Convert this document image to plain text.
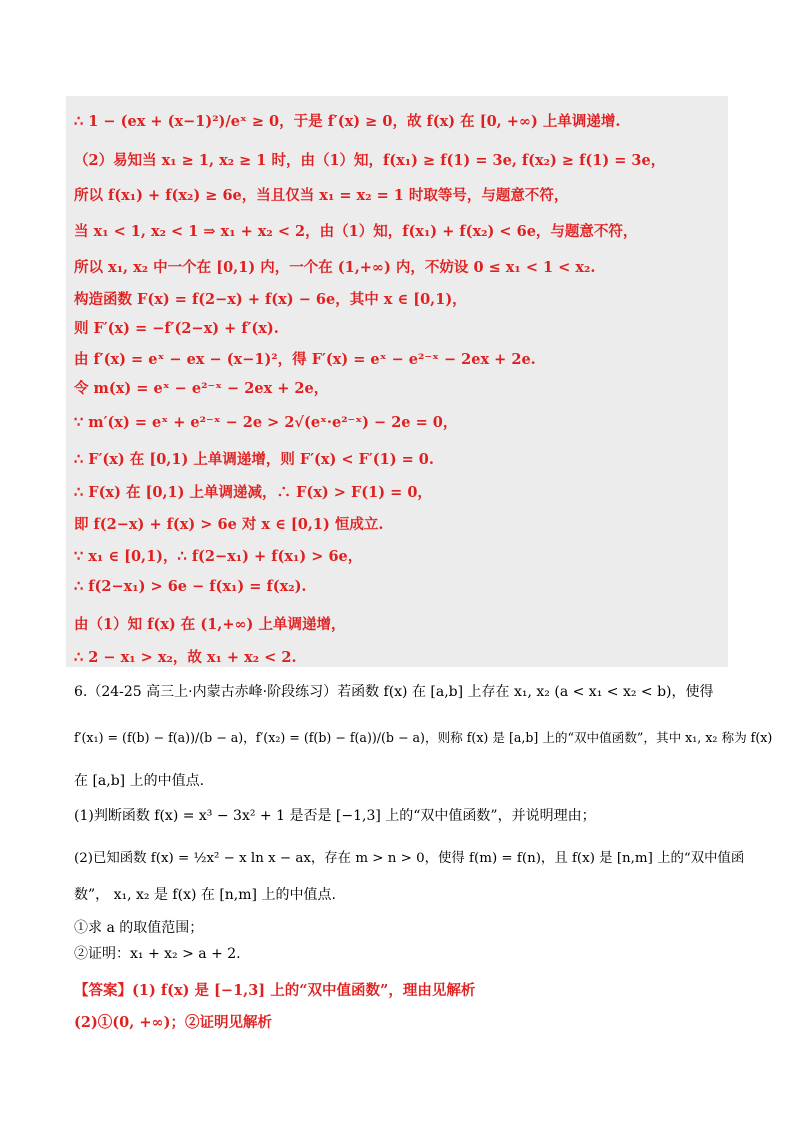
∴ 1 − (ex + (x−1)²)/eˣ ≥ 0，于是 f′(x) ≥ 0，故 f(x) 在 [0, +∞) 上单调递增.
（2）易知当 x₁ ≥ 1, x₂ ≥ 1 时，由（1）知，f(x₁) ≥ f(1) = 3e, f(x₂) ≥ f(1) = 3e，
所以 f(x₁) + f(x₂) ≥ 6e，当且仅当 x₁ = x₂ = 1 时取等号，与题意不符，
当 x₁ < 1, x₂ < 1 ⇒ x₁ + x₂ < 2，由（1）知，f(x₁) + f(x₂) < 6e，与题意不符，
所以 x₁, x₂ 中一个在 [0,1) 内，一个在 (1,+∞) 内，不妨设 0 ≤ x₁ < 1 < x₂.
构造函数 F(x) = f(2−x) + f(x) − 6e，其中 x ∈ [0,1)，
则 F′(x) = −f′(2−x) + f′(x).
由 f′(x) = eˣ − ex − (x−1)²，得 F′(x) = eˣ − e²⁻ˣ − 2ex + 2e.
令 m(x) = eˣ − e²⁻ˣ − 2ex + 2e，
∵ m′(x) = eˣ + e²⁻ˣ − 2e > 2√(eˣ·e²⁻ˣ) − 2e = 0，
∴ F′(x) 在 [0,1) 上单调递增，则 F′(x) < F′(1) = 0.
∴ F(x) 在 [0,1) 上单调递减，∴ F(x) > F(1) = 0，
即 f(2−x) + f(x) > 6e 对 x ∈ [0,1) 恒成立.
∵ x₁ ∈ [0,1)，∴ f(2−x₁) + f(x₁) > 6e，
∴ f(2−x₁) > 6e − f(x₁) = f(x₂).
由（1）知 f(x) 在 (1,+∞) 上单调递增，
∴ 2 − x₁ > x₂，故 x₁ + x₂ < 2.
6.（24-25 高三上·内蒙古赤峰·阶段练习）若函数 f(x) 在 [a,b] 上存在 x₁, x₂ (a < x₁ < x₂ < b)，使得
f′(x₁) = (f(b) − f(a))/(b − a)，f′(x₂) = (f(b) − f(a))/(b − a)，则称 f(x) 是 [a,b] 上的“双中值函数”，其中 x₁, x₂ 称为 f(x)
在 [a,b] 上的中值点.
(1)判断函数 f(x) = x³ − 3x² + 1 是否是 [−1,3] 上的“双中值函数”，并说明理由；
(2)已知函数 f(x) = ½x² − x ln x − ax，存在 m > n > 0，使得 f(m) = f(n)，且 f(x) 是 [n,m] 上的“双中值函
数”， x₁, x₂ 是 f(x) 在 [n,m] 上的中值点.
①求 a 的取值范围；
②证明：x₁ + x₂ > a + 2.
【答案】(1) f(x) 是 [−1,3] 上的“双中值函数”，理由见解析
(2)①(0, +∞)；②证明见解析
